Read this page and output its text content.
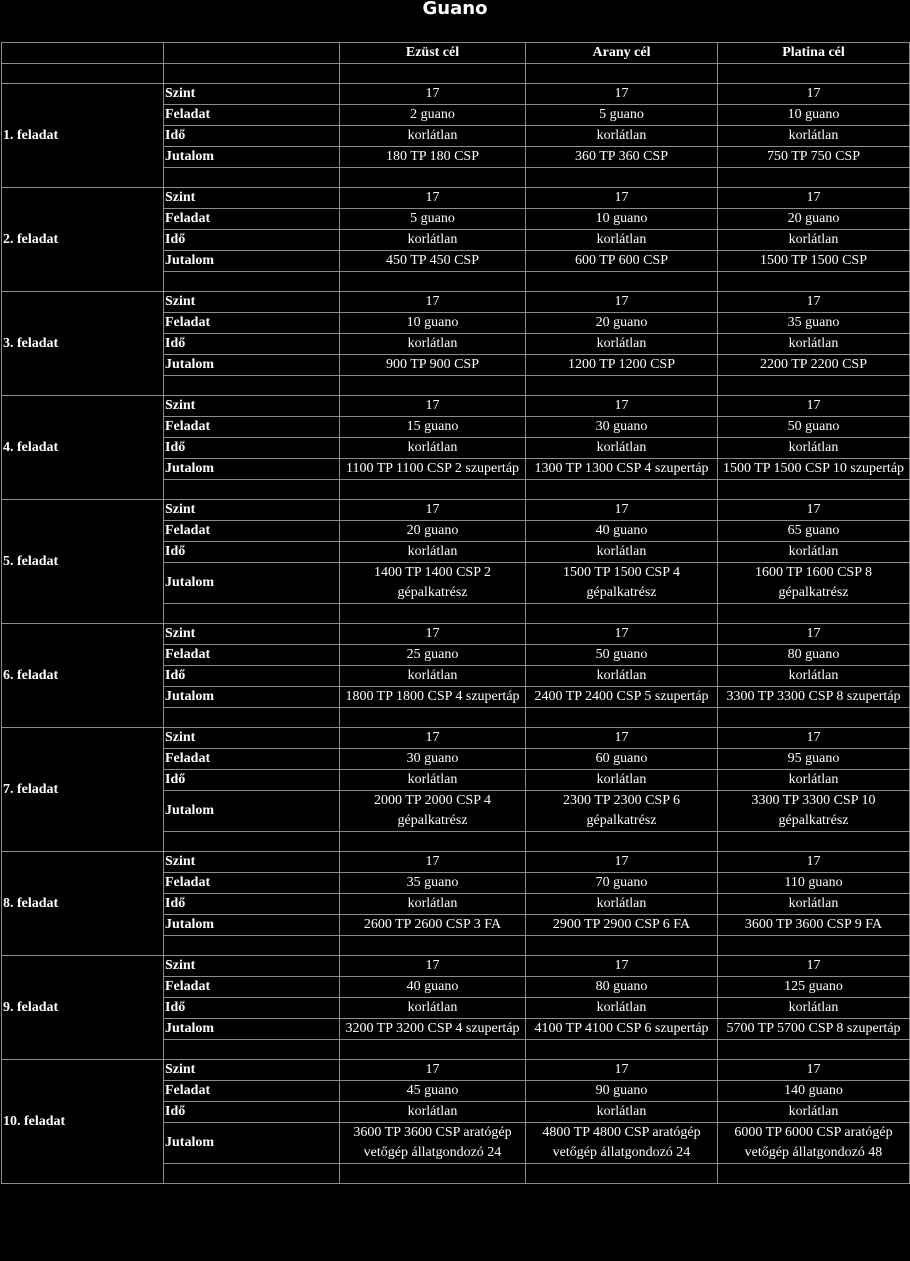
Guano
		Ezüst cél	Arany cél	Platina cél

1. feladat	Szint	17	17	17
	Feladat	2 guano	5 guano	10 guano
	Idő	korlátlan	korlátlan	korlátlan
	Jutalom	180 TP 180 CSP	360 TP 360 CSP	750 TP 750 CSP

2. feladat	Szint	17	17	17
	Feladat	5 guano	10 guano	20 guano
	Idő	korlátlan	korlátlan	korlátlan
	Jutalom	450 TP 450 CSP	600 TP 600 CSP	1500 TP 1500 CSP

3. feladat	Szint	17	17	17
	Feladat	10 guano	20 guano	35 guano
	Idő	korlátlan	korlátlan	korlátlan
	Jutalom	900 TP 900 CSP	1200 TP 1200 CSP	2200 TP 2200 CSP

4. feladat	Szint	17	17	17
	Feladat	15 guano	30 guano	50 guano
	Idő	korlátlan	korlátlan	korlátlan
	Jutalom	1100 TP 1100 CSP 2 szupertáp	1300 TP 1300 CSP 4 szupertáp	1500 TP 1500 CSP 10 szupertáp

5. feladat	Szint	17	17	17
	Feladat	20 guano	40 guano	65 guano
	Idő	korlátlan	korlátlan	korlátlan
	Jutalom	1400 TP 1400 CSP 2 gépalkatrész	1500 TP 1500 CSP 4 gépalkatrész	1600 TP 1600 CSP 8 gépalkatrész

6. feladat	Szint	17	17	17
	Feladat	25 guano	50 guano	80 guano
	Idő	korlátlan	korlátlan	korlátlan
	Jutalom	1800 TP 1800 CSP 4 szupertáp	2400 TP 2400 CSP 5 szupertáp	3300 TP 3300 CSP 8 szupertáp

7. feladat	Szint	17	17	17
	Feladat	30 guano	60 guano	95 guano
	Idő	korlátlan	korlátlan	korlátlan
	Jutalom	2000 TP 2000 CSP 4 gépalkatrész	2300 TP 2300 CSP 6 gépalkatrész	3300 TP 3300 CSP 10 gépalkatrész

8. feladat	Szint	17	17	17
	Feladat	35 guano	70 guano	110 guano
	Idő	korlátlan	korlátlan	korlátlan
	Jutalom	2600 TP 2600 CSP 3 FA	2900 TP 2900 CSP 6 FA	3600 TP 3600 CSP 9 FA

9. feladat	Szint	17	17	17
	Feladat	40 guano	80 guano	125 guano
	Idő	korlátlan	korlátlan	korlátlan
	Jutalom	3200 TP 3200 CSP 4 szupertáp	4100 TP 4100 CSP 6 szupertáp	5700 TP 5700 CSP 8 szupertáp

10. feladat	Szint	17	17	17
	Feladat	45 guano	90 guano	140 guano
	Idő	korlátlan	korlátlan	korlátlan
	Jutalom	3600 TP 3600 CSP aratógép vetőgép állatgondozó 24	4800 TP 4800 CSP aratógép vetőgép állatgondozó 24	6000 TP 6000 CSP aratógép vetőgép állatgondozó 48
